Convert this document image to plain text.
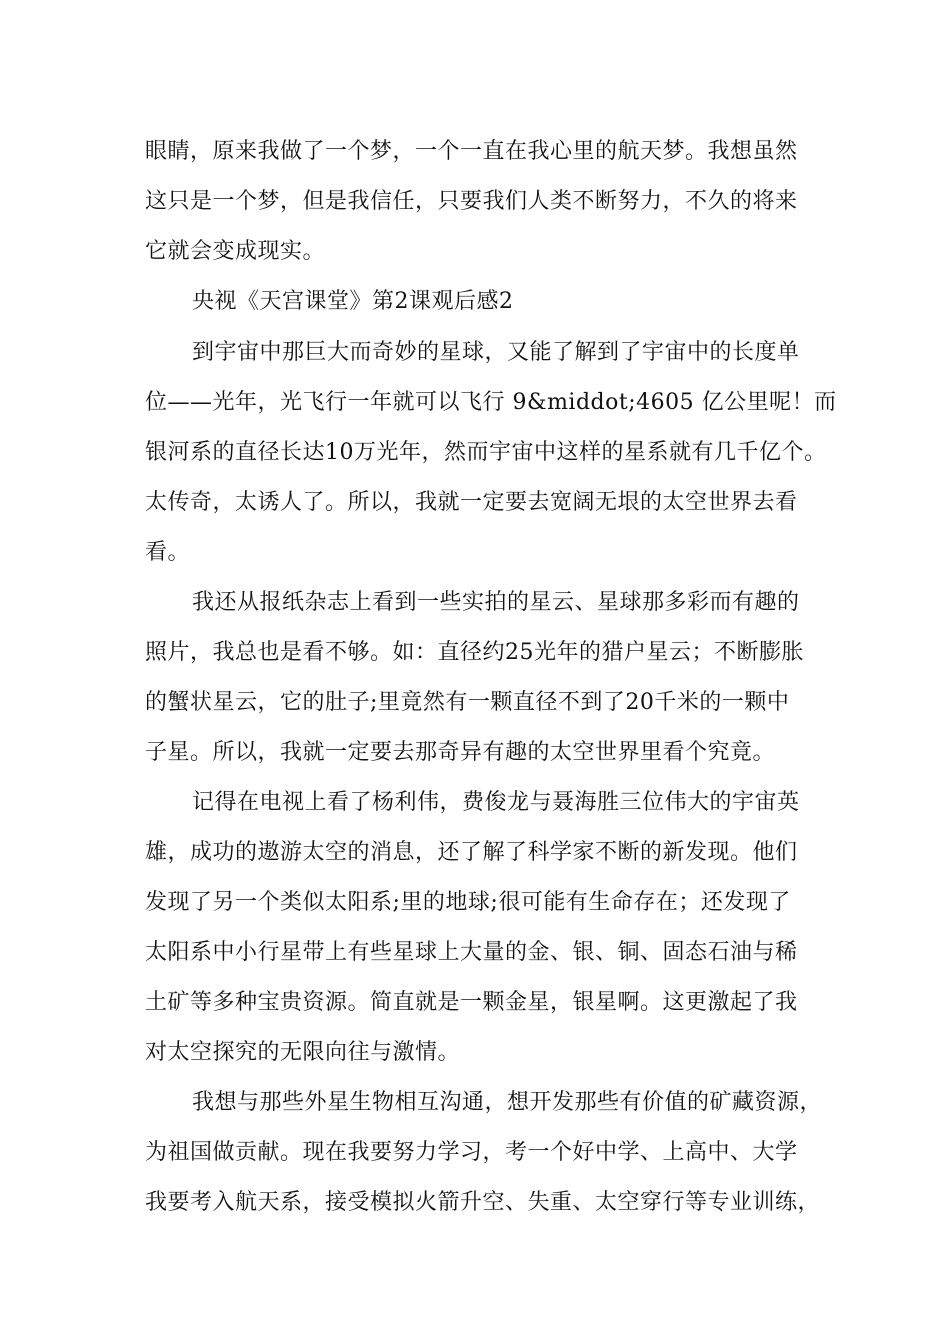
眼睛，原来我做了一个梦，一个一直在我心里的航天梦。我想虽然
这只是一个梦，但是我信任，只要我们人类不断努力，不久的将来
它就会变成现实。
央视《天宫课堂》第2课观后感2
到宇宙中那巨大而奇妙的星球，又能了解到了宇宙中的长度单
位——光年，光飞行一年就可以飞行 9&middot;4605 亿公里呢！而
银河系的直径长达10万光年，然而宇宙中这样的星系就有几千亿个。
太传奇，太诱人了。所以，我就一定要去宽阔无垠的太空世界去看
看。
我还从报纸杂志上看到一些实拍的星云、星球那多彩而有趣的
照片，我总也是看不够。如：直径约25光年的猎户星云；不断膨胀
的蟹状星云，它的肚子;里竟然有一颗直径不到了20千米的一颗中
子星。所以，我就一定要去那奇异有趣的太空世界里看个究竟。
记得在电视上看了杨利伟，费俊龙与聂海胜三位伟大的宇宙英
雄，成功的遨游太空的消息，还了解了科学家不断的新发现。他们
发现了另一个类似太阳系;里的地球;很可能有生命存在；还发现了
太阳系中小行星带上有些星球上大量的金、银、铜、固态石油与稀
土矿等多种宝贵资源。简直就是一颗金星，银星啊。这更激起了我
对太空探究的无限向往与激情。
我想与那些外星生物相互沟通，想开发那些有价值的矿藏资源，
为祖国做贡献。现在我要努力学习，考一个好中学、上高中、大学
我要考入航天系，接受模拟火箭升空、失重、太空穿行等专业训练，
